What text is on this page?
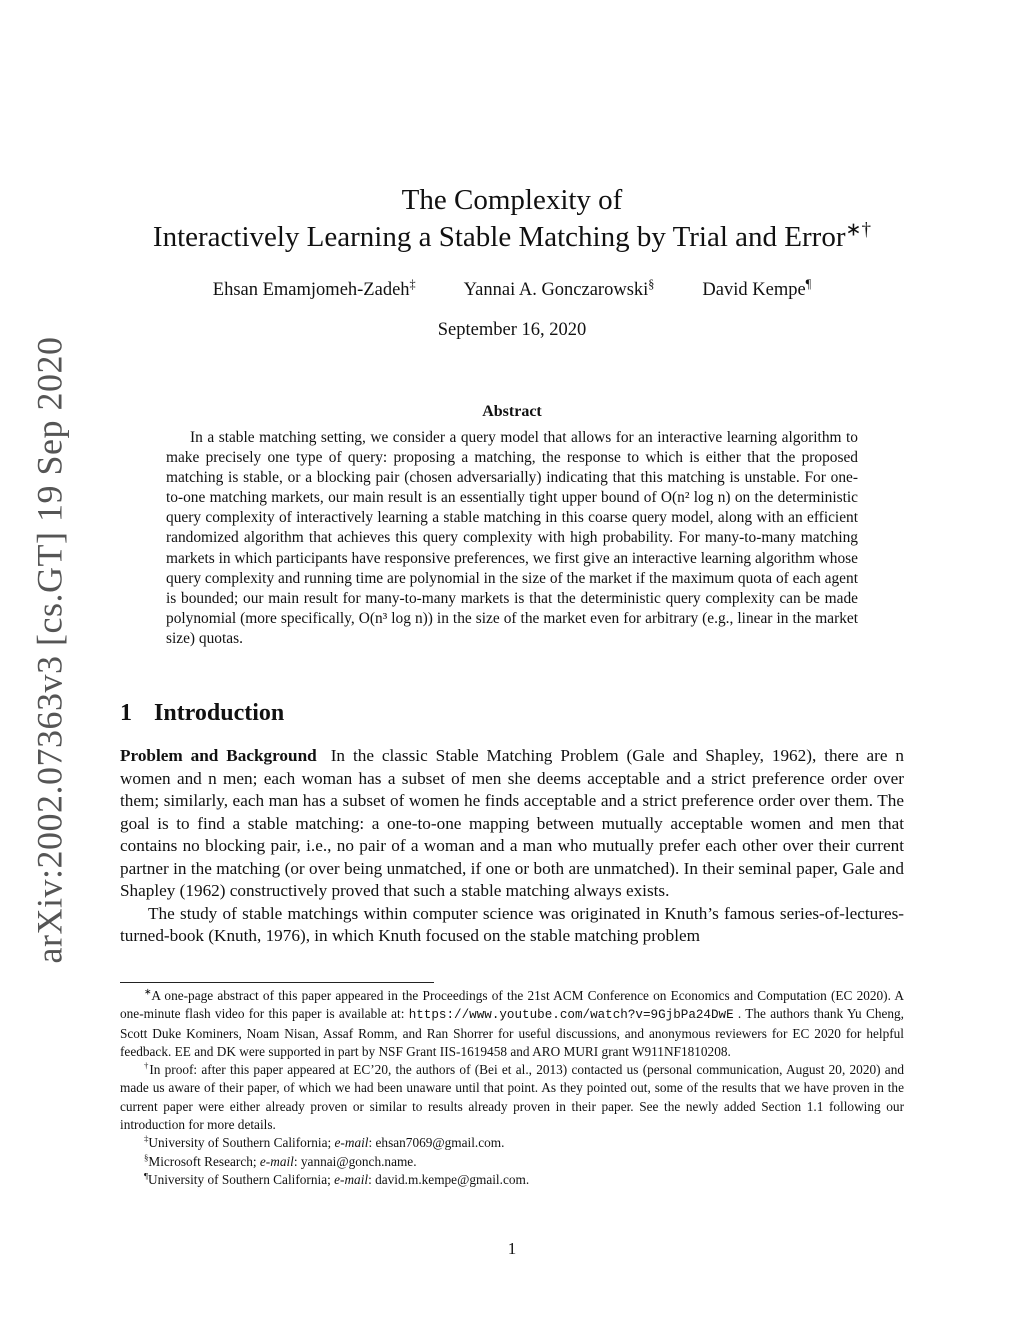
arXiv:2002.07363v3 [cs.GT] 19 Sep 2020
The Complexity of
Interactively Learning a Stable Matching by Trial and Error∗†
Ehsan Emamjomeh-Zadeh‡	Yannai A. Gonczarowski§	David Kempe¶
September 16, 2020
Abstract
In a stable matching setting, we consider a query model that allows for an interactive learning algorithm to make precisely one type of query: proposing a matching, the response to which is either that the proposed matching is stable, or a blocking pair (chosen adversarially) indicating that this matching is unstable. For one-to-one matching markets, our main result is an essentially tight upper bound of O(n² log n) on the deterministic query complexity of interactively learning a stable matching in this coarse query model, along with an efficient randomized algorithm that achieves this query complexity with high probability. For many-to-many matching markets in which participants have responsive preferences, we first give an interactive learning algorithm whose query complexity and running time are polynomial in the size of the market if the maximum quota of each agent is bounded; our main result for many-to-many markets is that the deterministic query complexity can be made polynomial (more specifically, O(n³ log n)) in the size of the market even for arbitrary (e.g., linear in the market size) quotas.
1 Introduction

Problem and Background In the classic Stable Matching Problem (Gale and Shapley, 1962), there are n women and n men; each woman has a subset of men she deems acceptable and a strict preference order over them; similarly, each man has a subset of women he finds acceptable and a strict preference order over them. The goal is to find a stable matching: a one-to-one mapping between mutually acceptable women and men that contains no blocking pair, i.e., no pair of a woman and a man who mutually prefer each other over their current partner in the matching (or over being unmatched, if one or both are unmatched). In their seminal paper, Gale and Shapley (1962) constructively proved that such a stable matching always exists.

The study of stable matchings within computer science was originated in Knuth’s famous series-of-lectures-turned-book (Knuth, 1976), in which Knuth focused on the stable matching problem

∗A one-page abstract of this paper appeared in the Proceedings of the 21st ACM Conference on Economics and Computation (EC 2020). A one-minute flash video for this paper is available at: https://www.youtube.com/watch?v=9GjbPa24DwE . The authors thank Yu Cheng, Scott Duke Kominers, Noam Nisan, Assaf Romm, and Ran Shorrer for useful discussions, and anonymous reviewers for EC 2020 for helpful feedback. EE and DK were supported in part by NSF Grant IIS-1619458 and ARO MURI grant W911NF1810208.

†In proof: after this paper appeared at EC’20, the authors of (Bei et al., 2013) contacted us (personal communication, August 20, 2020) and made us aware of their paper, of which we had been unaware until that point. As they pointed out, some of the results that we have proven in the current paper were either already proven or similar to results already proven in their paper. See the newly added Section 1.1 following our introduction for more details.

‡University of Southern California; e-mail: ehsan7069@gmail.com.

§Microsoft Research; e-mail: yannai@gonch.name.

¶University of Southern California; e-mail: david.m.kempe@gmail.com.

1
